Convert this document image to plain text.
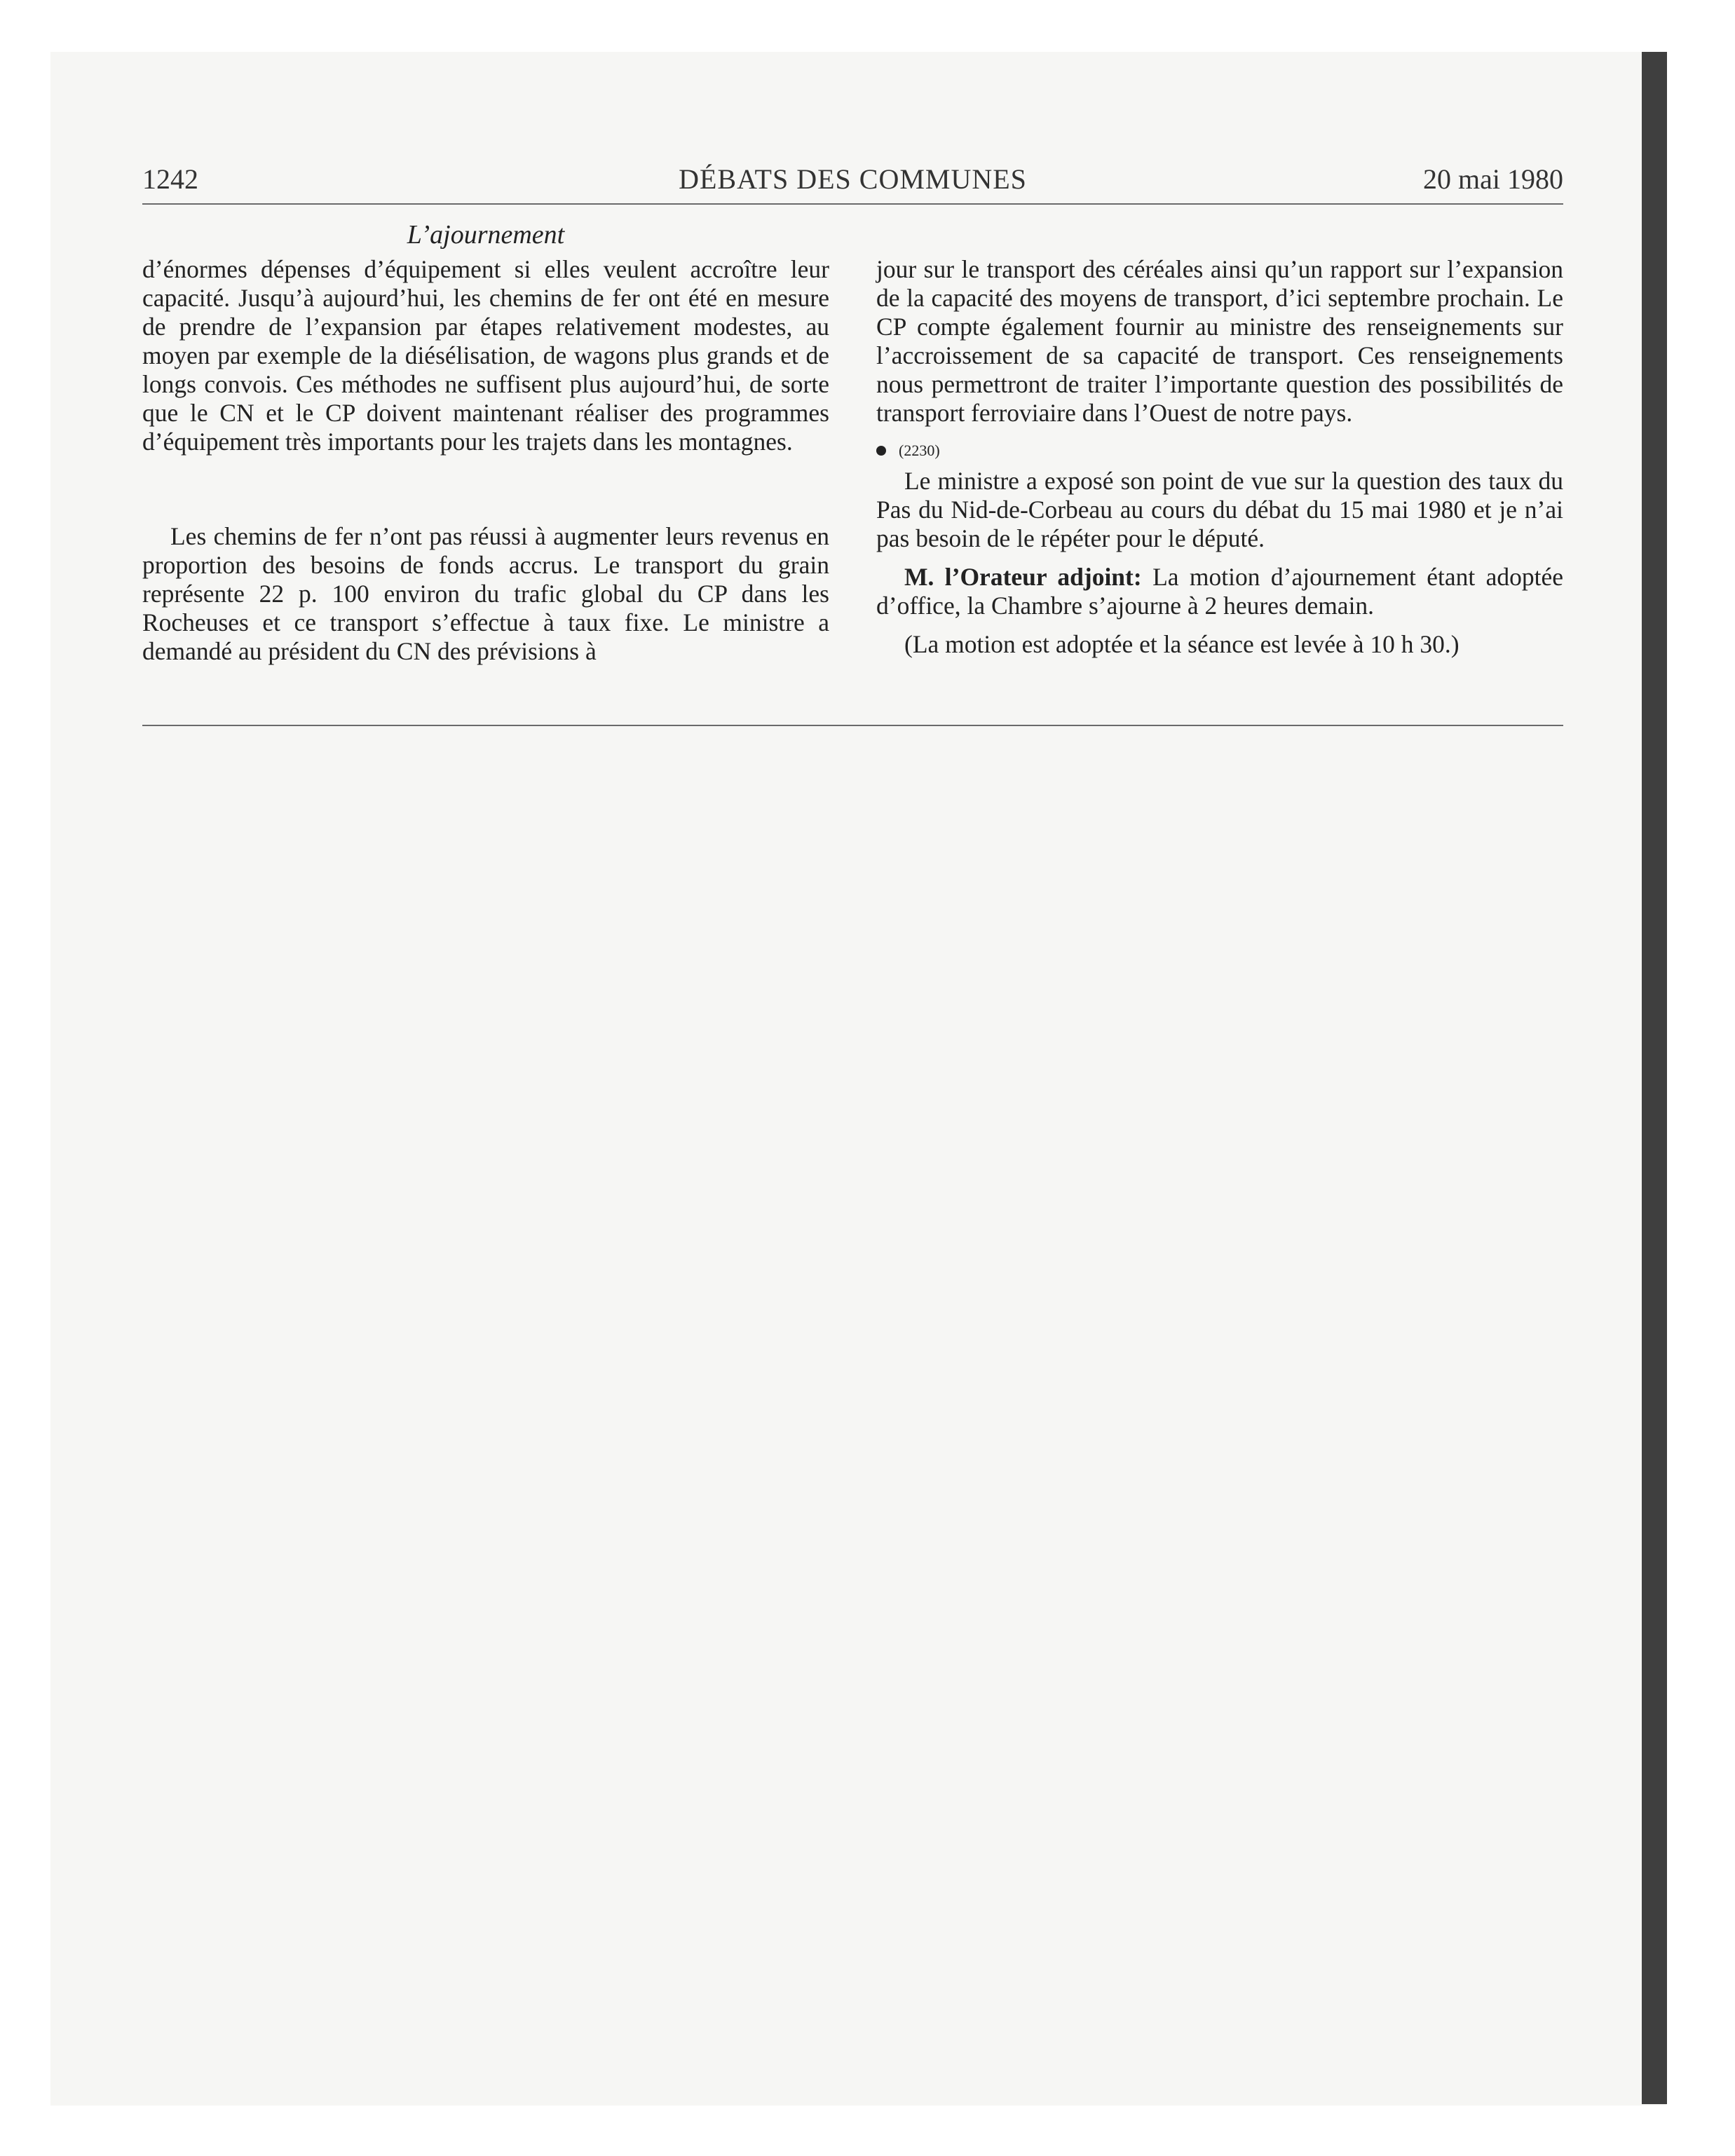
1242	DÉBATS DES COMMUNES	20 mai 1980
L’ajournement

d’énormes dépenses d’équipement si elles veulent accroître leur capacité. Jusqu’à aujourd’hui, les chemins de fer ont été en mesure de prendre de l’expansion par étapes relativement modestes, au moyen par exemple de la diésélisation, de wagons plus grands et de longs convois. Ces méthodes ne suffisent plus aujourd’hui, de sorte que le CN et le CP doivent maintenant réaliser des programmes d’équipement très importants pour les trajets dans les montagnes.

Les chemins de fer n’ont pas réussi à augmenter leurs revenus en proportion des besoins de fonds accrus. Le transport du grain représente 22 p. 100 environ du trafic global du CP dans les Rocheuses et ce transport s’effectue à taux fixe. Le ministre a demandé au président du CN des prévisions à

jour sur le transport des céréales ainsi qu’un rapport sur l’expansion de la capacité des moyens de transport, d’ici septembre prochain. Le CP compte également fournir au ministre des renseignements sur l’accroissement de sa capacité de transport. Ces renseignements nous permettront de traiter l’importante question des possibilités de transport ferroviaire dans l’Ouest de notre pays.

(2230)

Le ministre a exposé son point de vue sur la question des taux du Pas du Nid-de-Corbeau au cours du débat du 15 mai 1980 et je n’ai pas besoin de le répéter pour le député.

M. l’Orateur adjoint: La motion d’ajournement étant adoptée d’office, la Chambre s’ajourne à 2 heures demain.

(La motion est adoptée et la séance est levée à 10 h 30.)
